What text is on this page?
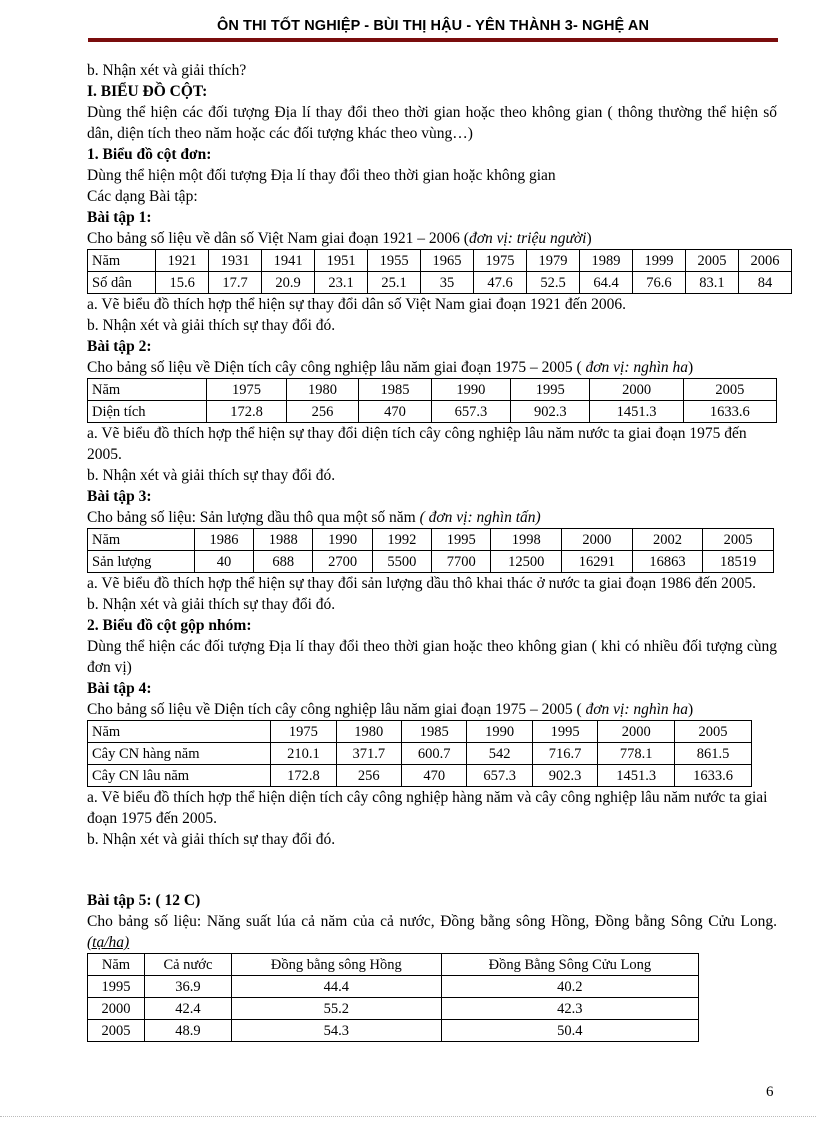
ÔN THI TỐT NGHIỆP - BÙI THỊ HẬU - YÊN THÀNH 3- NGHỆ AN

b. Nhận xét và giải thích?

I. BIỂU ĐỒ CỘT:

Dùng thể hiện các đối tượng Địa lí thay đổi theo thời gian hoặc theo không gian ( thông thường thể hiện số dân, diện tích theo năm hoặc các đối tượng khác theo vùng…)

1. Biểu đồ cột đơn:

Dùng thể hiện một đối tượng Địa lí thay đổi theo thời gian hoặc không gian

Các dạng Bài tập:

Bài tập 1:

Cho bảng số liệu về dân số Việt Nam giai đoạn 1921 – 2006 (đơn vị: triệu người)

Năm	1921	1931	1941	1951	1955	1965	1975	1979	1989	1999	2005	2006
Số dân	15.6	17.7	20.9	23.1	25.1	35	47.6	52.5	64.4	76.6	83.1	84

a. Vẽ biểu đồ thích hợp thể hiện sự thay đổi dân số Việt Nam giai đoạn 1921 đến 2006.

b. Nhận xét và giải thích sự thay đổi đó.

Bài tập 2:

Cho bảng số liệu về Diện tích cây công nghiệp lâu năm giai đoạn 1975 – 2005 ( đơn vị: nghìn ha)

Năm	1975	1980	1985	1990	1995	2000	2005
Diện tích	172.8	256	470	657.3	902.3	1451.3	1633.6

a. Vẽ biểu đồ thích hợp thể hiện sự thay đổi diện tích cây công nghiệp lâu năm nước ta giai đoạn 1975 đến 2005.

b. Nhận xét và giải thích sự thay đổi đó.

Bài tập 3:

Cho bảng số liệu: Sản lượng dầu thô qua một số năm ( đơn vị: nghìn tấn)

Năm	1986	1988	1990	1992	1995	1998	2000	2002	2005
Sản lượng	40	688	2700	5500	7700	12500	16291	16863	18519

a. Vẽ biểu đồ thích hợp thể hiện sự thay đổi sản lượng dầu thô khai thác ở nước ta giai đoạn 1986 đến 2005.

b. Nhận xét và giải thích sự thay đổi đó.

2. Biểu đồ cột gộp nhóm:

Dùng thể hiện các đối tượng Địa lí thay đổi theo thời gian hoặc theo không gian ( khi có nhiều đối tượng cùng đơn vị)

Bài tập 4:

Cho bảng số liệu về Diện tích cây công nghiệp lâu năm giai đoạn 1975 – 2005 ( đơn vị: nghìn ha)

Năm	1975	1980	1985	1990	1995	2000	2005
Cây CN hàng năm	210.1	371.7	600.7	542	716.7	778.1	861.5
Cây CN lâu năm	172.8	256	470	657.3	902.3	1451.3	1633.6

a. Vẽ biểu đồ thích hợp thể hiện diện tích cây công nghiệp hàng năm và cây công nghiệp lâu năm nước ta giai đoạn 1975 đến 2005.

b. Nhận xét và giải thích sự thay đổi đó.

Bài tập 5: ( 12 C)

Cho bảng số liệu: Năng suất lúa cả năm của cả nước, Đồng bằng sông Hồng, Đồng bằng Sông Cửu Long. (tạ/ha)

Năm	Cả nước	Đồng bằng sông Hồng	Đồng Bằng Sông Cửu Long
1995	36.9	44.4	40.2
2000	42.4	55.2	42.3
2005	48.9	54.3	50.4
6
